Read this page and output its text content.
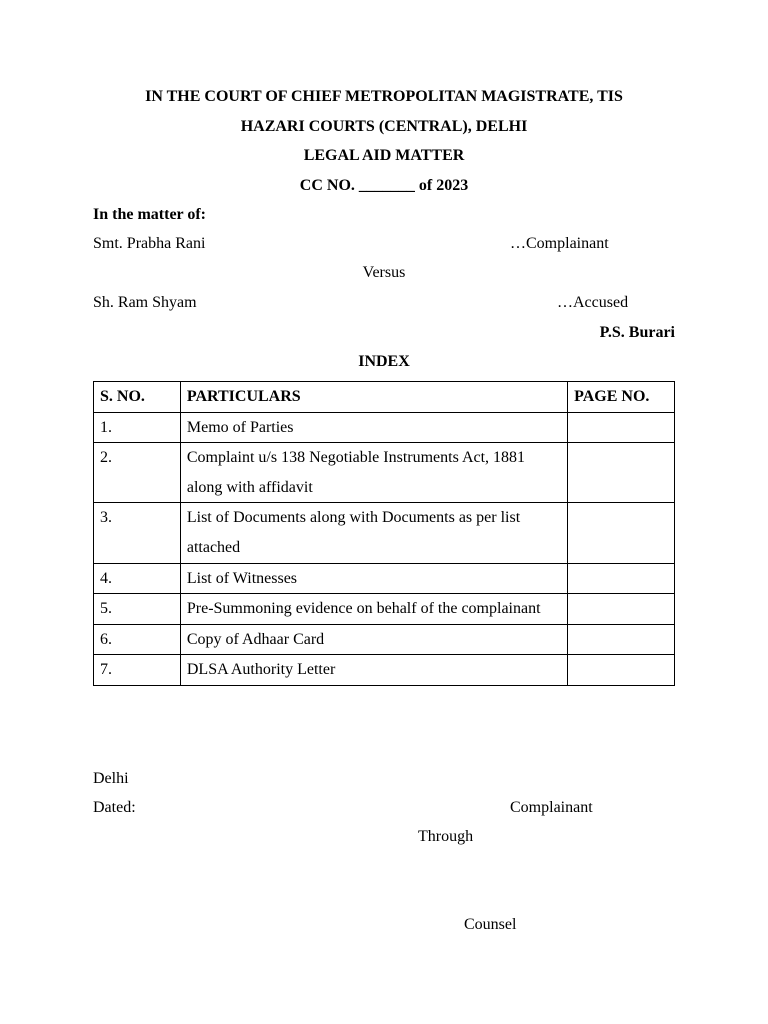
IN THE COURT OF CHIEF METROPOLITAN MAGISTRATE, TIS
HAZARI COURTS (CENTRAL), DELHI
LEGAL AID MATTER
CC NO. _______ of 2023
In the matter of:
Smt. Prabha Rani	…Complainant
Versus
Sh. Ram Shyam	…Accused
P.S. Burari
INDEX
S. NO.	PARTICULARS	PAGE NO.
1.	Memo of Parties	
2.	Complaint u/s 138 Negotiable Instruments Act, 1881 along with affidavit	
3.	List of Documents along with Documents as per list attached	
4.	List of Witnesses	
5.	Pre-Summoning evidence on behalf of the complainant	
6.	Copy of Adhaar Card	
7.	DLSA Authority Letter	
Delhi
Dated:	Complainant
Through
Counsel
